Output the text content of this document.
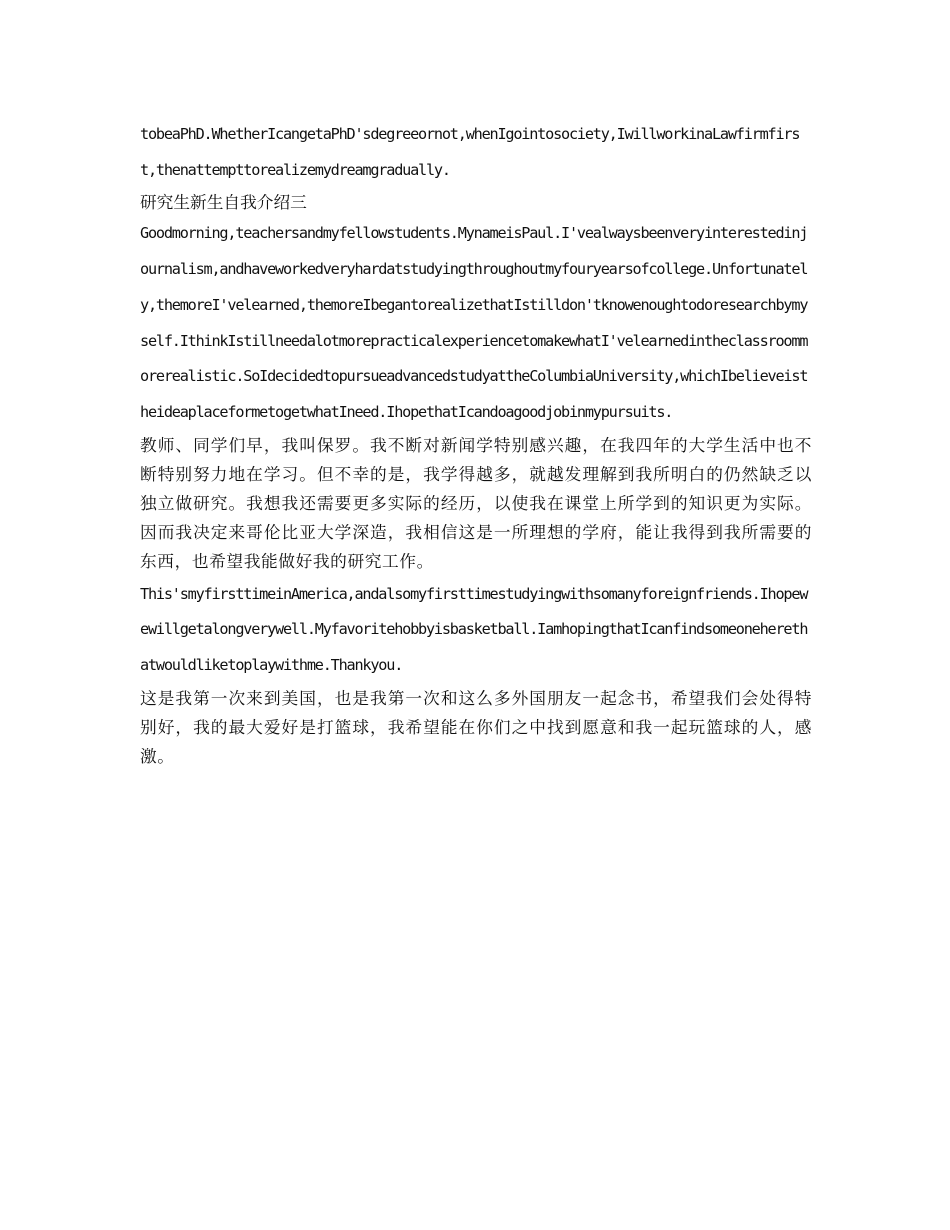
tobeaPhD.WhetherIcangetaPhD'sdegreeornot,whenIgointosociety,IwillworkinaLawfirmfirst,thenattempttorealizemydreamgradually.

研究生新生自我介绍三

Goodmorning,teachersandmyfellowstudents.MynameisPaul.I'vealwaysbeenveryinterestedinjournalism,andhaveworkedveryhardatstudyingthroughoutmyfouryearsofcollege.Unfortunately,themoreI'velearned,themoreIbegantorealizethatIstilldon'tknowenoughtodoresearchbymyself.IthinkIstillneedalotmorepracticalexperiencetomakewhatI'velearnedintheclassroommorerealistic.SoIdecidedtopursueadvancedstudyattheColumbiaUniversity,whichIbelieveistheideaplaceformetogetwhatIneed.IhopethatIcandoagoodjobinmypursuits.

教师、同学们早，我叫保罗。我不断对新闻学特别感兴趣，在我四年的大学生活中也不断特别努力地在学习。但不幸的是，我学得越多，就越发理解到我所明白的仍然缺乏以独立做研究。我想我还需要更多实际的经历，以使我在课堂上所学到的知识更为实际。因而我决定来哥伦比亚大学深造，我相信这是一所理想的学府，能让我得到我所需要的东西，也希望我能做好我的研究工作。

This'smyfirsttimeinAmerica,andalsomyfirsttimestudyingwithsomanyforeignfriends.Ihopewewillgetalongverywell.Myfavoritehobbyisbasketball.IamhopingthatIcanfindsomeoneherethatwouldliketoplaywithme.Thankyou.

这是我第一次来到美国，也是我第一次和这么多外国朋友一起念书，希望我们会处得特别好，我的最大爱好是打篮球，我希望能在你们之中找到愿意和我一起玩篮球的人，感激。
